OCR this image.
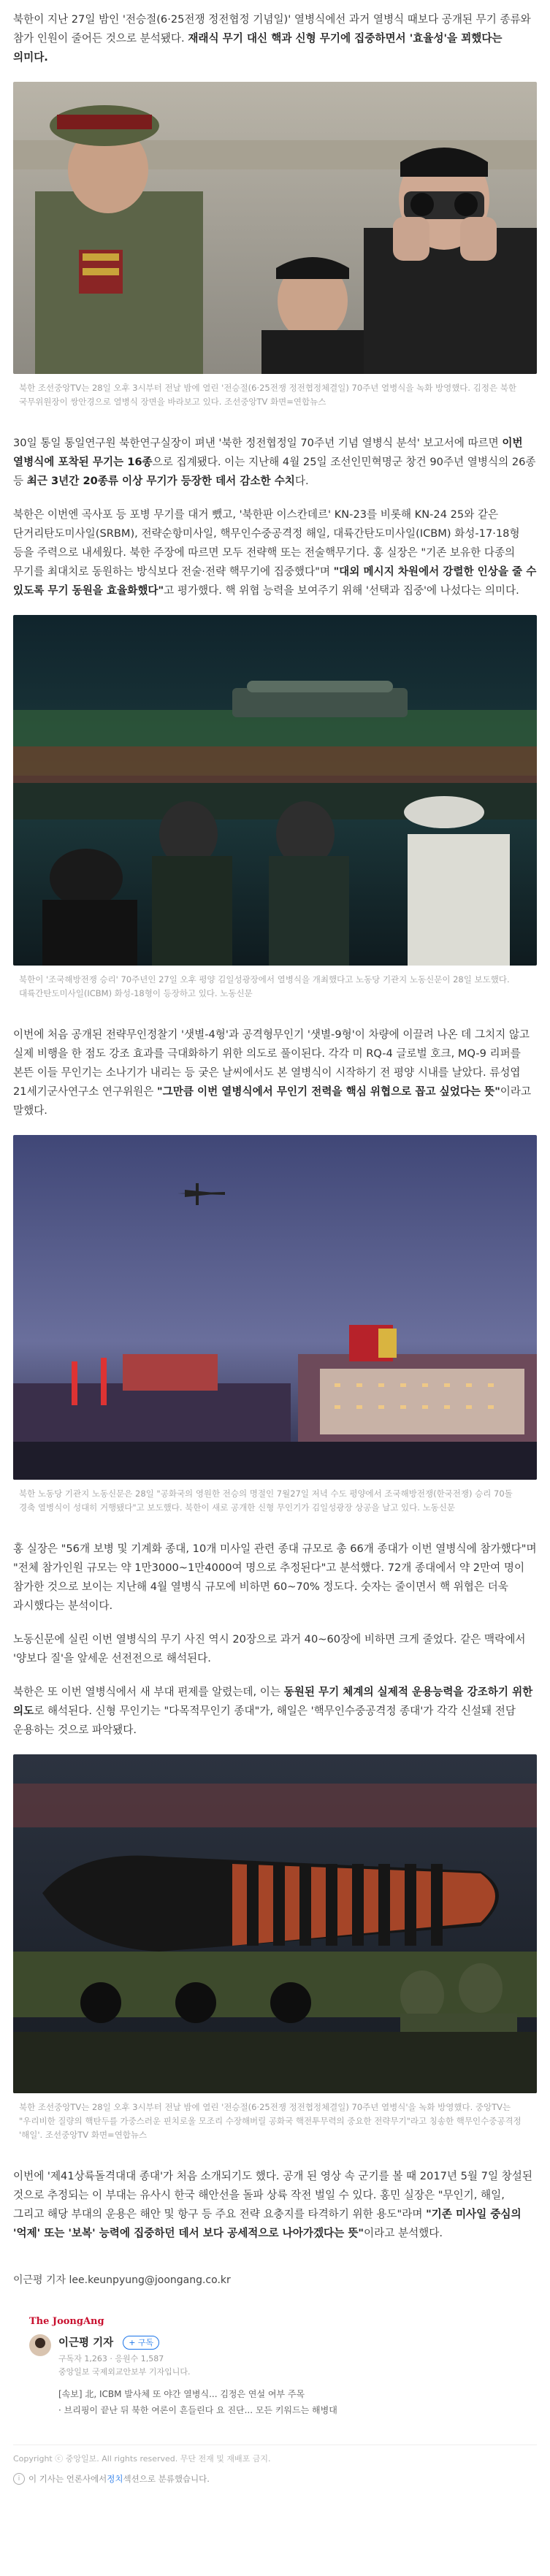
북한이 지난 27일 밤인 '전승절(6·25전쟁 정전협정 기념일)' 열병식에선 과거 열병식 때보다 공개된 무기 종류와 참가 인원이 줄어든 것으로 분석됐다. 재래식 무기 대신 핵과 신형 무기에 집중하면서 '효율성'을 꾀했다는 의미다.

북한 조선중앙TV는 28일 오후 3시부터 전날 밤에 열린 '전승절(6·25전쟁 정전협정체결일) 70주년 열병식을 녹화 방영했다. 김정은 북한 국무위원장이 쌍안경으로 열병식 장면을 바라보고 있다. 조선중앙TV 화면=연합뉴스

30일 통일 통일연구원 북한연구실장이 펴낸 '북한 정전협정일 70주년 기념 열병식 분석' 보고서에 따르면 이번 열병식에 포착된 무기는 16종으로 집계됐다. 이는 지난해 4월 25일 조선인민혁명군 창건 90주년 열병식의 26종 등 최근 3년간 20종류 이상 무기가 등장한 데서 감소한 수치다.

북한은 이번엔 곡사포 등 포병 무기를 대거 뺐고, '북한판 이스칸데르' KN-23를 비롯해 KN-24 25와 같은 단거리탄도미사일(SRBM), 전략순항미사일, 핵무인수중공격정 해일, 대륙간탄도미사일(ICBM) 화성-17·18형 등을 주력으로 내세웠다. 북한 주장에 따르면 모두 전략핵 또는 전술핵무기다. 홍 실장은 "기존 보유한 다종의 무기를 최대치로 동원하는 방식보다 전술·전략 핵무기에 집중했다"며 "대외 메시지 차원에서 강렬한 인상을 줄 수 있도록 무기 동원을 효율화했다"고 평가했다. 핵 위협 능력을 보여주기 위해 '선택과 집중'에 나섰다는 의미다.

북한이 '조국해방전쟁 승리' 70주년인 27일 오후 평양 김일성광장에서 열병식을 개최했다고 노동당 기관지 노동신문이 28일 보도했다. 대륙간탄도미사일(ICBM) 화성-18형이 등장하고 있다. 노동신문

이번에 처음 공개된 전략무인정찰기 '샛별-4형'과 공격형무인기 '샛별-9형'이 차량에 이끌려 나온 데 그치지 않고 실제 비행을 한 점도 강조 효과를 극대화하기 위한 의도로 풀이된다. 각각 미 RQ-4 글로벌 호크, MQ-9 리퍼를 본뜬 이들 무인기는 소나기가 내리는 등 궂은 날씨에서도 본 열병식이 시작하기 전 평양 시내를 날았다. 류성엽 21세기군사연구소 연구위원은 "그만큼 이번 열병식에서 무인기 전력을 핵심 위협으로 꼽고 싶었다는 뜻"이라고 말했다.

북한 노동당 기관지 노동신문은 28일 "공화국의 영원한 전승의 명절인 7월27일 저녁 수도 평양에서 조국해방전쟁(한국전쟁) 승리 70돌 경축 열병식이 성대히 거행됐다"고 보도했다. 북한이 새로 공개한 신형 무인기가 김일성광장 상공을 날고 있다. 노동신문

홍 실장은 "56개 보병 및 기계화 종대, 10개 미사일 관련 종대 규모로 총 66개 종대가 이번 열병식에 참가했다"며 "전체 참가인원 규모는 약 1만3000~1만4000여 명으로 추정된다"고 분석했다. 72개 종대에서 약 2만여 명이 참가한 것으로 보이는 지난해 4월 열병식 규모에 비하면 60~70% 정도다. 숫자는 줄이면서 핵 위협은 더욱 과시했다는 분석이다.

노동신문에 실린 이번 열병식의 무기 사진 역시 20장으로 과거 40~60장에 비하면 크게 줄었다. 같은 맥락에서 '양보다 질'을 앞세운 선전전으로 해석된다.

북한은 또 이번 열병식에서 새 부대 편제를 알렸는데, 이는 동원된 무기 체계의 실제적 운용능력을 강조하기 위한 의도로 해석된다. 신형 무인기는 "다목적무인기 종대"가, 해일은 '핵무인수중공격정 종대'가 각각 신설돼 전담 운용하는 것으로 파악됐다.

북한 조선중앙TV는 28일 오후 3시부터 전날 밤에 열린 '전승절(6·25전쟁 정전협정체결일) 70주년 열병식'을 녹화 방영했다. 중앙TV는 "우리비한 질량의 핵탄두를 가중스러운 핀치로울 모조리 수장해버릴 공화국 핵전투무력의 중요한 전략무기"라고 칭송한 핵무인수중공격정 '해일'. 조선중앙TV 화면=연합뉴스

이번에 '제41상륙돌격대대 종대'가 처음 소개되기도 했다. 공개 된 영상 속 군기를 볼 때 2017년 5월 7일 창설된 것으로 추정되는 이 부대는 유사시 한국 해안선을 돌파 상륙 작전 벌일 수 있다. 홍민 실장은 "무인기, 해일, 그리고 해당 부대의 운용은 해안 및 항구 등 주요 전략 요충지를 타격하기 위한 용도"라며 "기존 미사일 중심의 '억제' 또는 '보복' 능력에 집중하던 데서 보다 공세적으로 나아가겠다는 뜻"이라고 분석했다.

이근평 기자 lee.keunpyung@joongang.co.kr
The JoongAng
이근평 기자 + 구독
구독자 1,263 · 응원수 1,587
중앙일보 국제외교안보부 기자입니다.
[속보] 北, ICBM 발사체 또 야간 열병식... 김정은 연설 여부 주목
· 브리핑이 끝난 뒤 북한 여론이 흔들린다 요 진단... 모든 키워드는 해병대
Copyright ⓒ 중앙일보. All rights reserved. 무단 전재 및 재배포 금지.
i	이 기사는 언론사에서 정치 섹션으로 분류했습니다.
